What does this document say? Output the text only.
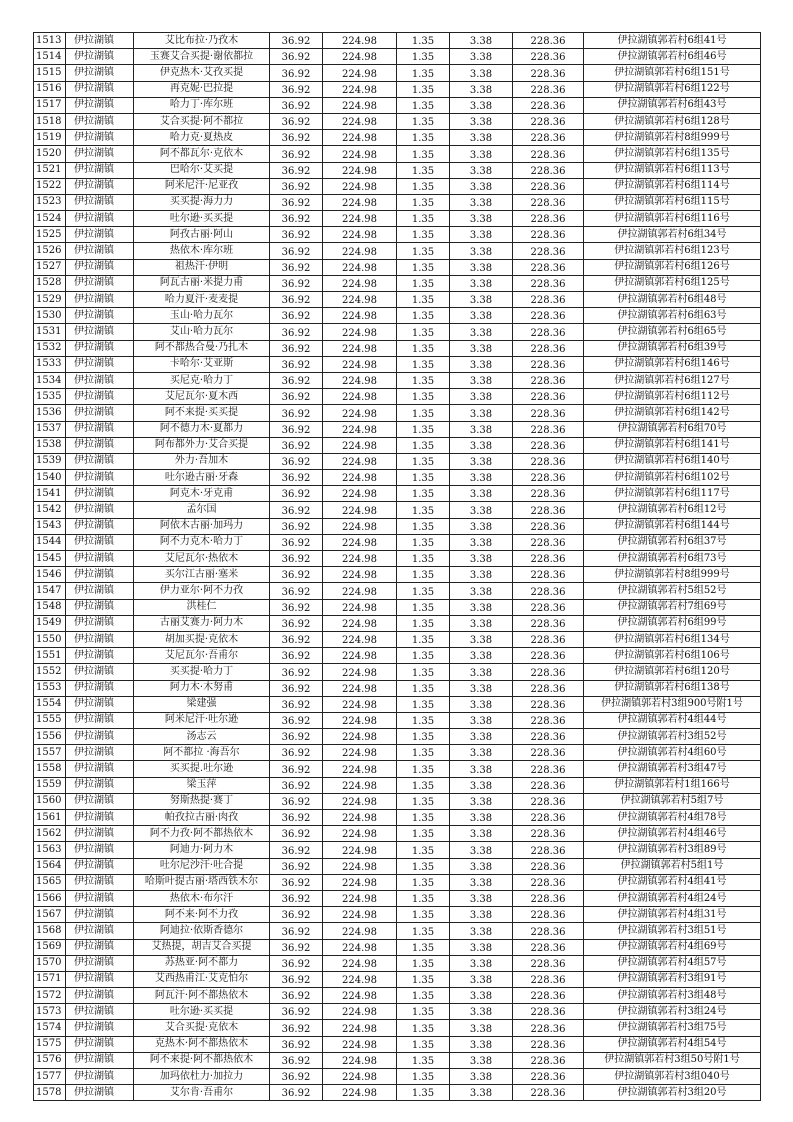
1513	伊拉湖镇	艾比布拉·乃孜木	36.92	224.98	1.35	3.38	228.36	伊拉湖镇郭若村6组41号
1514	伊拉湖镇	玉赛艾合买提·谢依都拉	36.92	224.98	1.35	3.38	228.36	伊拉湖镇郭若村6组46号
1515	伊拉湖镇	伊克热木·艾孜买提	36.92	224.98	1.35	3.38	228.36	伊拉湖镇郭若村6组151号
1516	伊拉湖镇	再克妮·巴拉提	36.92	224.98	1.35	3.38	228.36	伊拉湖镇郭若村6组122号
1517	伊拉湖镇	哈力丁·库尔班	36.92	224.98	1.35	3.38	228.36	伊拉湖镇郭若村6组43号
1518	伊拉湖镇	艾合买提·阿不都拉	36.92	224.98	1.35	3.38	228.36	伊拉湖镇郭若村6组128号
1519	伊拉湖镇	哈力克·夏热皮	36.92	224.98	1.35	3.38	228.36	伊拉湖镇郭若村8组999号
1520	伊拉湖镇	阿不都瓦尔·克依木	36.92	224.98	1.35	3.38	228.36	伊拉湖镇郭若村6组135号
1521	伊拉湖镇	巴哈尔·艾买提	36.92	224.98	1.35	3.38	228.36	伊拉湖镇郭若村6组113号
1522	伊拉湖镇	阿米尼汗·尼亚孜	36.92	224.98	1.35	3.38	228.36	伊拉湖镇郭若村6组114号
1523	伊拉湖镇	买买提·海力力	36.92	224.98	1.35	3.38	228.36	伊拉湖镇郭若村6组115号
1524	伊拉湖镇	吐尔逊·买买提	36.92	224.98	1.35	3.38	228.36	伊拉湖镇郭若村6组116号
1525	伊拉湖镇	阿孜古丽·阿山	36.92	224.98	1.35	3.38	228.36	伊拉湖镇郭若村6组34号
1526	伊拉湖镇	热依木·库尔班	36.92	224.98	1.35	3.38	228.36	伊拉湖镇郭若村6组123号
1527	伊拉湖镇	祖热汗·伊明	36.92	224.98	1.35	3.38	228.36	伊拉湖镇郭若村6组126号
1528	伊拉湖镇	阿瓦古丽·米提力甫	36.92	224.98	1.35	3.38	228.36	伊拉湖镇郭若村6组125号
1529	伊拉湖镇	哈力夏汗·麦麦提	36.92	224.98	1.35	3.38	228.36	伊拉湖镇郭若村6组48号
1530	伊拉湖镇	玉山·哈力瓦尔	36.92	224.98	1.35	3.38	228.36	伊拉湖镇郭若村6组63号
1531	伊拉湖镇	艾山·哈力瓦尔	36.92	224.98	1.35	3.38	228.36	伊拉湖镇郭若村6组65号
1532	伊拉湖镇	阿不都热合曼·乃扎木	36.92	224.98	1.35	3.38	228.36	伊拉湖镇郭若村6组39号
1533	伊拉湖镇	卡哈尔·艾亚斯	36.92	224.98	1.35	3.38	228.36	伊拉湖镇郭若村6组146号
1534	伊拉湖镇	买尼克·哈力丁	36.92	224.98	1.35	3.38	228.36	伊拉湖镇郭若村6组127号
1535	伊拉湖镇	艾尼瓦尔·夏木西	36.92	224.98	1.35	3.38	228.36	伊拉湖镇郭若村6组112号
1536	伊拉湖镇	阿不来提·买买提	36.92	224.98	1.35	3.38	228.36	伊拉湖镇郭若村6组142号
1537	伊拉湖镇	阿不德力木·夏都力	36.92	224.98	1.35	3.38	228.36	伊拉湖镇郭若村6组70号
1538	伊拉湖镇	阿布都外力·艾合买提	36.92	224.98	1.35	3.38	228.36	伊拉湖镇郭若村6组141号
1539	伊拉湖镇	外力·吾加木	36.92	224.98	1.35	3.38	228.36	伊拉湖镇郭若村6组140号
1540	伊拉湖镇	吐尔逊古丽·牙森	36.92	224.98	1.35	3.38	228.36	伊拉湖镇郭若村6组102号
1541	伊拉湖镇	阿克木·牙克甫	36.92	224.98	1.35	3.38	228.36	伊拉湖镇郭若村6组117号
1542	伊拉湖镇	孟尔国	36.92	224.98	1.35	3.38	228.36	伊拉湖镇郭若村6组12号
1543	伊拉湖镇	阿依木古丽·加玛力	36.92	224.98	1.35	3.38	228.36	伊拉湖镇郭若村6组144号
1544	伊拉湖镇	阿不力克木·哈力丁	36.92	224.98	1.35	3.38	228.36	伊拉湖镇郭若村6组37号
1545	伊拉湖镇	艾尼瓦尔·热依木	36.92	224.98	1.35	3.38	228.36	伊拉湖镇郭若村6组73号
1546	伊拉湖镇	买尔江古丽·塞米	36.92	224.98	1.35	3.38	228.36	伊拉湖镇郭若村8组999号
1547	伊拉湖镇	伊力亚尔·阿不力孜	36.92	224.98	1.35	3.38	228.36	伊拉湖镇郭若村5组52号
1548	伊拉湖镇	洪桂仁	36.92	224.98	1.35	3.38	228.36	伊拉湖镇郭若村7组69号
1549	伊拉湖镇	古丽艾赛力·阿力木	36.92	224.98	1.35	3.38	228.36	伊拉湖镇郭若村6组99号
1550	伊拉湖镇	胡加买提·克依木	36.92	224.98	1.35	3.38	228.36	伊拉湖镇郭若村6组134号
1551	伊拉湖镇	艾尼瓦尔·吾甫尔	36.92	224.98	1.35	3.38	228.36	伊拉湖镇郭若村6组106号
1552	伊拉湖镇	买买提·哈力丁	36.92	224.98	1.35	3.38	228.36	伊拉湖镇郭若村6组120号
1553	伊拉湖镇	阿力木·木努甫	36.92	224.98	1.35	3.38	228.36	伊拉湖镇郭若村6组138号
1554	伊拉湖镇	梁建强	36.92	224.98	1.35	3.38	228.36	伊拉湖镇郭若村3组900号附1号
1555	伊拉湖镇	阿米尼汗·吐尔逊	36.92	224.98	1.35	3.38	228.36	伊拉湖镇郭若村4组44号
1556	伊拉湖镇	汤志云	36.92	224.98	1.35	3.38	228.36	伊拉湖镇郭若村3组52号
1557	伊拉湖镇	阿不都拉 ·海吾尔	36.92	224.98	1.35	3.38	228.36	伊拉湖镇郭若村4组60号
1558	伊拉湖镇	买买提.吐尔逊	36.92	224.98	1.35	3.38	228.36	伊拉湖镇郭若村3组47号
1559	伊拉湖镇	梁玉萍	36.92	224.98	1.35	3.38	228.36	伊拉湖镇郭若村1组166号
1560	伊拉湖镇	努斯热提·赛丁	36.92	224.98	1.35	3.38	228.36	伊拉湖镇郭若村5组7号
1561	伊拉湖镇	帕孜拉古丽·肉孜	36.92	224.98	1.35	3.38	228.36	伊拉湖镇郭若村4组78号
1562	伊拉湖镇	阿不力孜·阿不都热依木	36.92	224.98	1.35	3.38	228.36	伊拉湖镇郭若村4组46号
1563	伊拉湖镇	阿迪力·阿力木	36.92	224.98	1.35	3.38	228.36	伊拉湖镇郭若村3组89号
1564	伊拉湖镇	吐尔尼沙汗·吐合提	36.92	224.98	1.35	3.38	228.36	伊拉湖镇郭若村5组1号
1565	伊拉湖镇	哈斯叶提古丽·塔西铁木尔	36.92	224.98	1.35	3.38	228.36	伊拉湖镇郭若村4组41号
1566	伊拉湖镇	热依木·布尔汗	36.92	224.98	1.35	3.38	228.36	伊拉湖镇郭若村4组24号
1567	伊拉湖镇	阿不来·阿不力孜	36.92	224.98	1.35	3.38	228.36	伊拉湖镇郭若村4组31号
1568	伊拉湖镇	阿迪拉·依斯香德尔	36.92	224.98	1.35	3.38	228.36	伊拉湖镇郭若村3组51号
1569	伊拉湖镇	艾热提，胡吉艾合买提	36.92	224.98	1.35	3.38	228.36	伊拉湖镇郭若村4组69号
1570	伊拉湖镇	苏热亚·阿不都力	36.92	224.98	1.35	3.38	228.36	伊拉湖镇郭若村4组57号
1571	伊拉湖镇	艾西热甫江·艾克怕尔	36.92	224.98	1.35	3.38	228.36	伊拉湖镇郭若村3组91号
1572	伊拉湖镇	阿瓦汗·阿不都热依木	36.92	224.98	1.35	3.38	228.36	伊拉湖镇郭若村3组48号
1573	伊拉湖镇	吐尔逊·买买提	36.92	224.98	1.35	3.38	228.36	伊拉湖镇郭若村3组24号
1574	伊拉湖镇	艾合买提·克依木	36.92	224.98	1.35	3.38	228.36	伊拉湖镇郭若村3组75号
1575	伊拉湖镇	克热木·阿不都热依木	36.92	224.98	1.35	3.38	228.36	伊拉湖镇郭若村4组54号
1576	伊拉湖镇	阿不来提·阿不都热依木	36.92	224.98	1.35	3.38	228.36	伊拉湖镇郭若村3组50号附1号
1577	伊拉湖镇	加玛依杜力·加拉力	36.92	224.98	1.35	3.38	228.36	伊拉湖镇郭若村3组040号
1578	伊拉湖镇	艾尔肯·吾甫尔	36.92	224.98	1.35	3.38	228.36	伊拉湖镇郭若村3组20号
